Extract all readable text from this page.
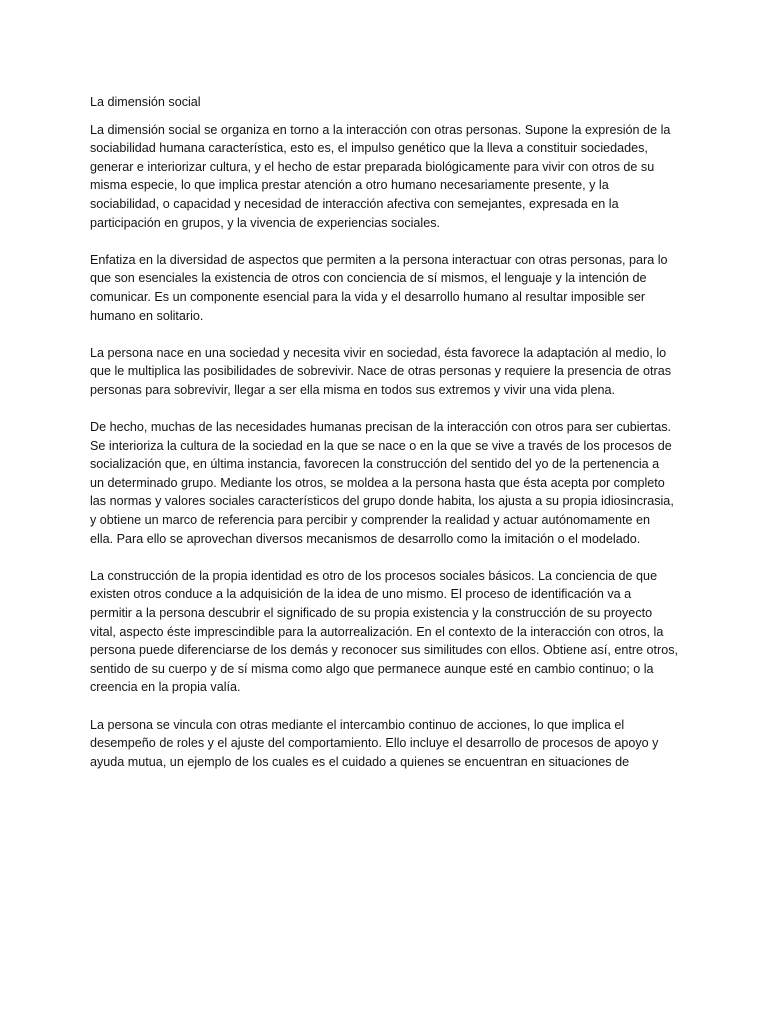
La dimensión social
La dimensión social se organiza en torno a la interacción con otras personas. Supone la expresión de la
sociabilidad humana característica, esto es, el impulso genético que la lleva a constituir sociedades,
generar e interiorizar cultura, y el hecho de estar preparada biológicamente para vivir con otros de su
misma especie, lo que implica prestar atención a otro humano necesariamente presente, y la
sociabilidad, o capacidad y necesidad de interacción afectiva con semejantes, expresada en la
participación en grupos, y la vivencia de experiencias sociales.
Enfatiza en la diversidad de aspectos que permiten a la persona interactuar con otras personas, para lo
que son esenciales la existencia de otros con conciencia de sí mismos, el lenguaje y la intención de
comunicar. Es un componente esencial para la vida y el desarrollo humano al resultar imposible ser
humano en solitario.
La persona nace en una sociedad y necesita vivir en sociedad, ésta favorece la adaptación al medio, lo
que le multiplica las posibilidades de sobrevivir. Nace de otras personas y requiere la presencia de otras
personas para sobrevivir, llegar a ser ella misma en todos sus extremos y vivir una vida plena.
De hecho, muchas de las necesidades humanas precisan de la interacción con otros para ser cubiertas.
Se interioriza la cultura de la sociedad en la que se nace o en la que se vive a través de los procesos de
socialización que, en última instancia, favorecen la construcción del sentido del yo de la pertenencia a
un determinado grupo. Mediante los otros, se moldea a la persona hasta que ésta acepta por completo
las normas y valores sociales característicos del grupo donde habita, los ajusta a su propia idiosincrasia,
y obtiene un marco de referencia para percibir y comprender la realidad y actuar autónomamente en
ella. Para ello se aprovechan diversos mecanismos de desarrollo como la imitación o el modelado.
La construcción de la propia identidad es otro de los procesos sociales básicos. La conciencia de que
existen otros conduce a la adquisición de la idea de uno mismo. El proceso de identificación va a
permitir a la persona descubrir el significado de su propia existencia y la construcción de su proyecto
vital, aspecto éste imprescindible para la autorrealización. En el contexto de la interacción con otros, la
persona puede diferenciarse de los demás y reconocer sus similitudes con ellos. Obtiene así, entre otros,
sentido de su cuerpo y de sí misma como algo que permanece aunque esté en cambio continuo; o la
creencia en la propia valía.
La persona se vincula con otras mediante el intercambio continuo de acciones, lo que implica el
desempeño de roles y el ajuste del comportamiento. Ello incluye el desarrollo de procesos de apoyo y
ayuda mutua, un ejemplo de los cuales es el cuidado a quienes se encuentran en situaciones de
